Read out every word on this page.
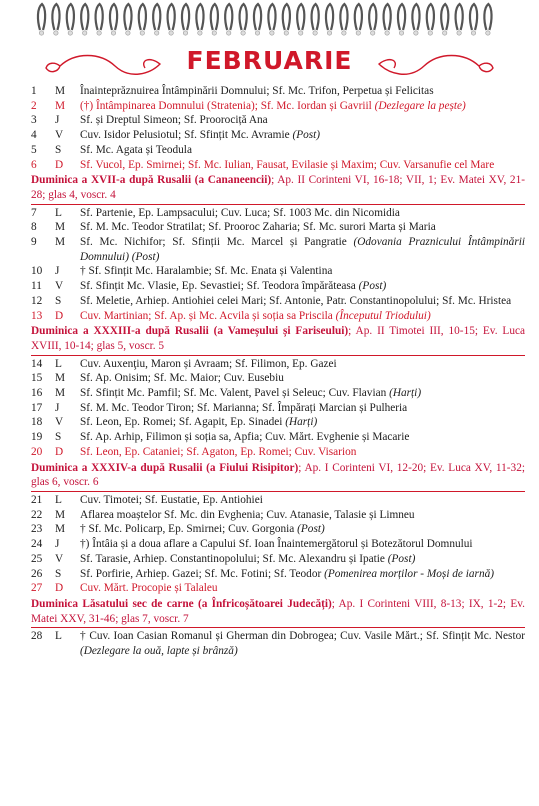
FEBRUARIE
1	M	Înainteprăznuirea Întâmpinării Domnului; Sf. Mc. Trifon, Perpetua și Felicitas
2	M	(†) Întâmpinarea Domnului (Stratenia); Sf. Mc. Iordan și Gavriil (Dezlegare la pește)
3	J	Sf. și Dreptul Simeon; Sf. Proorociță Ana
4	V	Cuv. Isidor Pelusiotul; Sf. Sfințit Mc. Avramie (Post)
5	S	Sf. Mc. Agata și Teodula
6	D	Sf. Vucol, Ep. Smirnei; Sf. Mc. Iulian, Fausat, Evilasie și Maxim; Cuv. Varsanufie cel Mare
Duminica a XVII-a după Rusalii (a Cananeencii); Ap. II Corinteni VI, 16-18; VII, 1; Ev. Matei XV, 21-28; glas 4, voscr. 4
7	L	Sf. Partenie, Ep. Lampsacului; Cuv. Luca; Sf. 1003 Mc. din Nicomidia
8	M	Sf. M. Mc. Teodor Stratilat; Sf. Prooroc Zaharia; Sf. Mc. surori Marta și Maria
9	M	Sf. Mc. Nichifor; Sf. Sfinții Mc. Marcel și Pangratie (Odovania Praznicului Întâmpinării Domnului) (Post)
10	J	† Sf. Sfințit Mc. Haralambie; Sf. Mc. Enata și Valentina
11	V	Sf. Sfințit Mc. Vlasie, Ep. Sevastiei; Sf. Teodora împărăteasa (Post)
12	S	Sf. Meletie, Arhiep. Antiohiei celei Mari; Sf. Antonie, Patr. Constantinopolului; Sf. Mc. Hristea
13	D	Cuv. Martinian; Sf. Ap. și Mc. Acvila și soția sa Priscila (Începutul Triodului)
Duminica a XXXIII-a după Rusalii (a Vameșului și Fariseului); Ap. II Timotei III, 10-15; Ev. Luca XVIII, 10-14; glas 5, voscr. 5
14	L	Cuv. Auxenţiu, Maron și Avraam; Sf. Filimon, Ep. Gazei
15	M	Sf. Ap. Onisim; Sf. Mc. Maior; Cuv. Eusebiu
16	M	Sf. Sfințit Mc. Pamfil; Sf. Mc. Valent, Pavel și Seleuc; Cuv. Flavian (Harți)
17	J	Sf. M. Mc. Teodor Tiron; Sf. Marianna; Sf. Împărați Marcian și Pulheria
18	V	Sf. Leon, Ep. Romei; Sf. Agapit, Ep. Sinadei (Harți)
19	S	Sf. Ap. Arhip, Filimon și soția sa, Apfia; Cuv. Mărt. Evghenie și Macarie
20	D	Sf. Leon, Ep. Cataniei; Sf. Agaton, Ep. Romei; Cuv. Visarion
Duminica a XXXIV-a după Rusalii (a Fiului Risipitor); Ap. I Corinteni VI, 12-20; Ev. Luca XV, 11-32; glas 6, voscr. 6
21	L	Cuv. Timotei; Sf. Eustatie, Ep. Antiohiei
22	M	Aflarea moaștelor Sf. Mc. din Evghenia; Cuv. Atanasie, Talasie și Limneu
23	M	† Sf. Mc. Policarp, Ep. Smirnei; Cuv. Gorgonia (Post)
24	J	†) Întâia și a doua aflare a Capului Sf. Ioan Înaintemergătorul și Botezătorul Domnului
25	V	Sf. Tarasie, Arhiep. Constantinopolului; Sf. Mc. Alexandru și Ipatie (Post)
26	S	Sf. Porfirie, Arhiep. Gazei; Sf. Mc. Fotini; Sf. Teodor (Pomenirea morților - Moși de iarnă)
27	D	Cuv. Mărt. Procopie și Talaleu
Duminica Lăsatului sec de carne (a Înfricoșătoarei Judecăți); Ap. I Corinteni VIII, 8-13; IX, 1-2; Ev. Matei XXV, 31-46; glas 7, voscr. 7
28	L	† Cuv. Ioan Casian Romanul și Gherman din Dobrogea; Cuv. Vasile Mărt.; Sf. Sfințit Mc. Nestor (Dezlegare la ouă, lapte și brânză)
